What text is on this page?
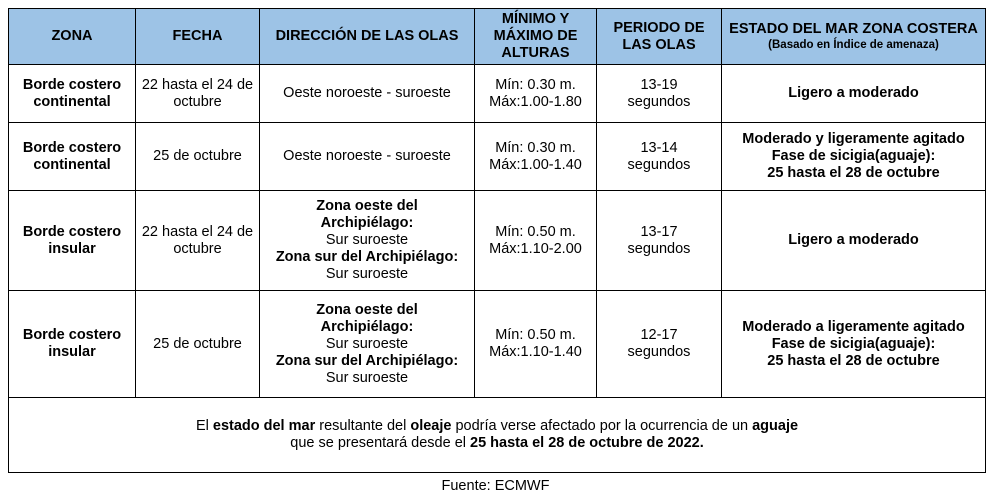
ZONA	FECHA	DIRECCIÓN DE LAS OLAS	MÍNIMO Y MÁXIMO DE ALTURAS	PERIODO DE LAS OLAS	ESTADO DEL MAR ZONA COSTERA
(Basado en Índice de amenaza)

Borde costero
continental	22 hasta el 24 de octubre	Oeste noroeste - suroeste	Mín: 0.30 m.
Máx:1.00-1.80	13-19
segundos	Ligero a moderado

Borde costero
continental	25 de octubre	Oeste noroeste - suroeste	Mín: 0.30 m.
Máx:1.00-1.40	13-14
segundos	Moderado y ligeramente agitado
Fase de sicigia(aguaje):
25 hasta el 28 de octubre

Borde costero
insular	22 hasta el 24 de octubre	Zona oeste del
Archipiélago:
Sur suroeste
Zona sur del Archipiélago:
Sur suroeste	Mín: 0.50 m.
Máx:1.10-2.00	13-17
segundos	Ligero a moderado

Borde costero
insular	25 de octubre	Zona oeste del
Archipiélago:
Sur suroeste
Zona sur del Archipiélago:
Sur suroeste	Mín: 0.50 m.
Máx:1.10-1.40	12-17
segundos	Moderado a ligeramente agitado
Fase de sicigia(aguaje):
25 hasta el 28 de octubre

El estado del mar resultante del oleaje podría verse afectado por la ocurrencia de un aguaje
que se presentará desde el 25 hasta el 28 de octubre de 2022.					
Fuente: ECMWF
